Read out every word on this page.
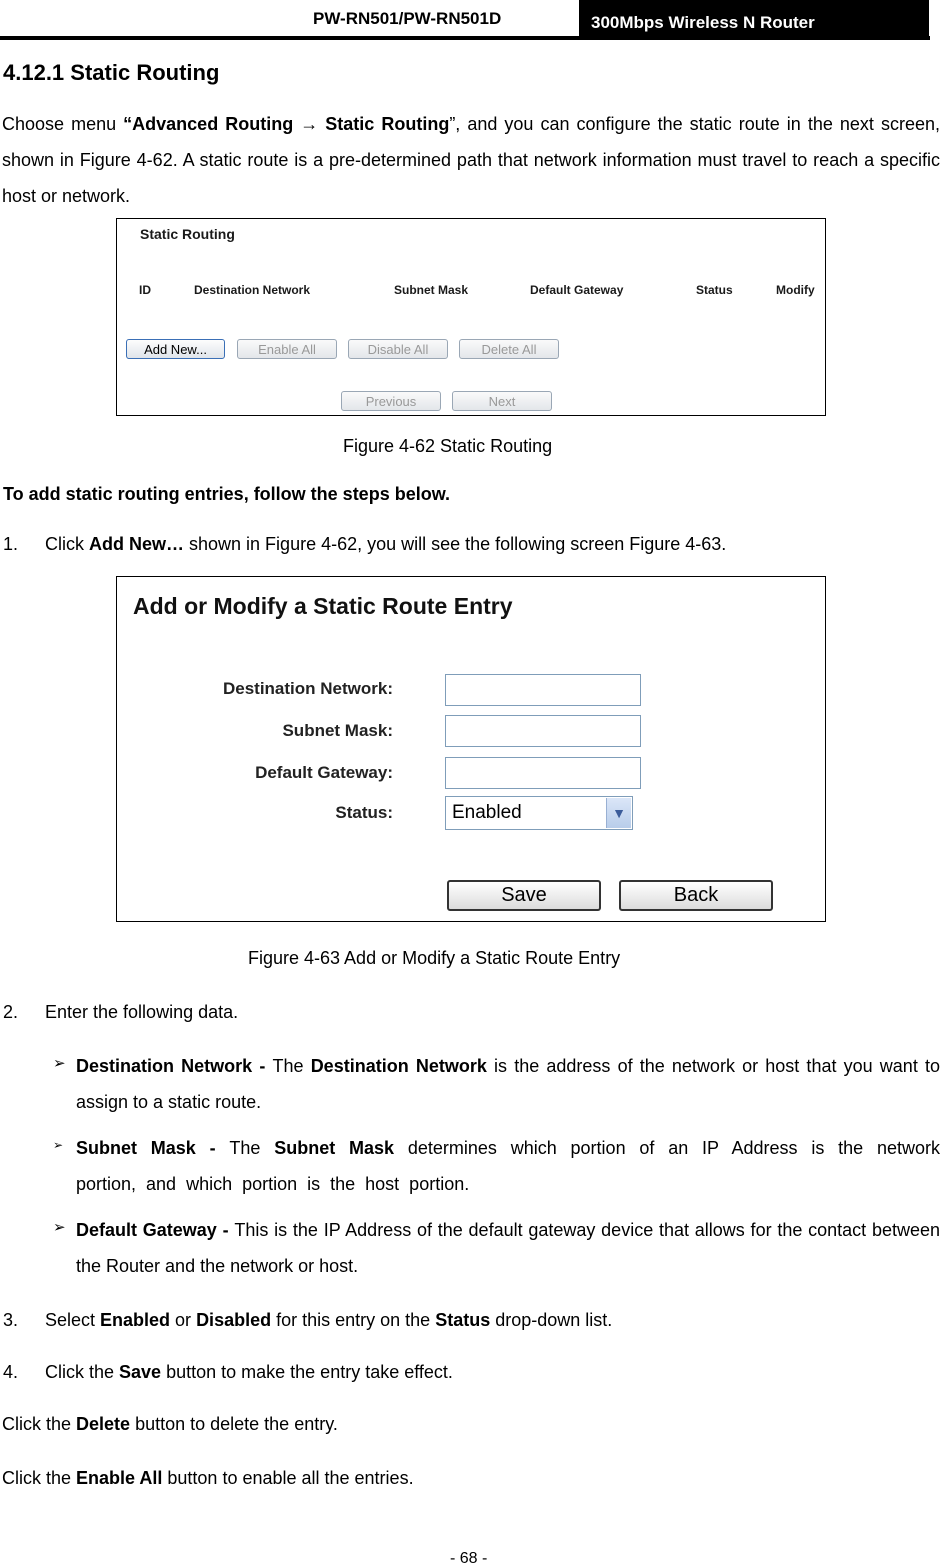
PW-RN501/PW-RN501D	300Mbps Wireless N Router
4.12.1 Static Routing
Choose menu “Advanced Routing → Static Routing”, and you can configure the static route in the next screen, shown in Figure 4-62. A static route is a pre-determined path that network information must travel to reach a specific host or network.
Static Routing
ID	Destination Network	Subnet Mask	Default Gateway	Status	Modify
Add New...	Enable All	Disable All	Delete All
Previous	Next
Figure 4-62 Static Routing
To add static routing entries, follow the steps below.
1. Click Add New… shown in Figure 4-62, you will see the following screen Figure 4-63.
Add or Modify a Static Route Entry
Destination Network:
Subnet Mask:
Default Gateway:
Status:	Enabled	▼
Save	Back
Figure 4-63 Add or Modify a Static Route Entry
2. Enter the following data.
➢ Destination Network - The Destination Network is the address of the network or host that you want to assign to a static route.
➢ Subnet Mask - The Subnet Mask determines which portion of an IP Address is the network portion, and which portion is the host portion.
➢ Default Gateway - This is the IP Address of the default gateway device that allows for the contact between the Router and the network or host.
3. Select Enabled or Disabled for this entry on the Status drop-down list.
4. Click the Save button to make the entry take effect.
Click the Delete button to delete the entry.
Click the Enable All button to enable all the entries.
- 68 -
